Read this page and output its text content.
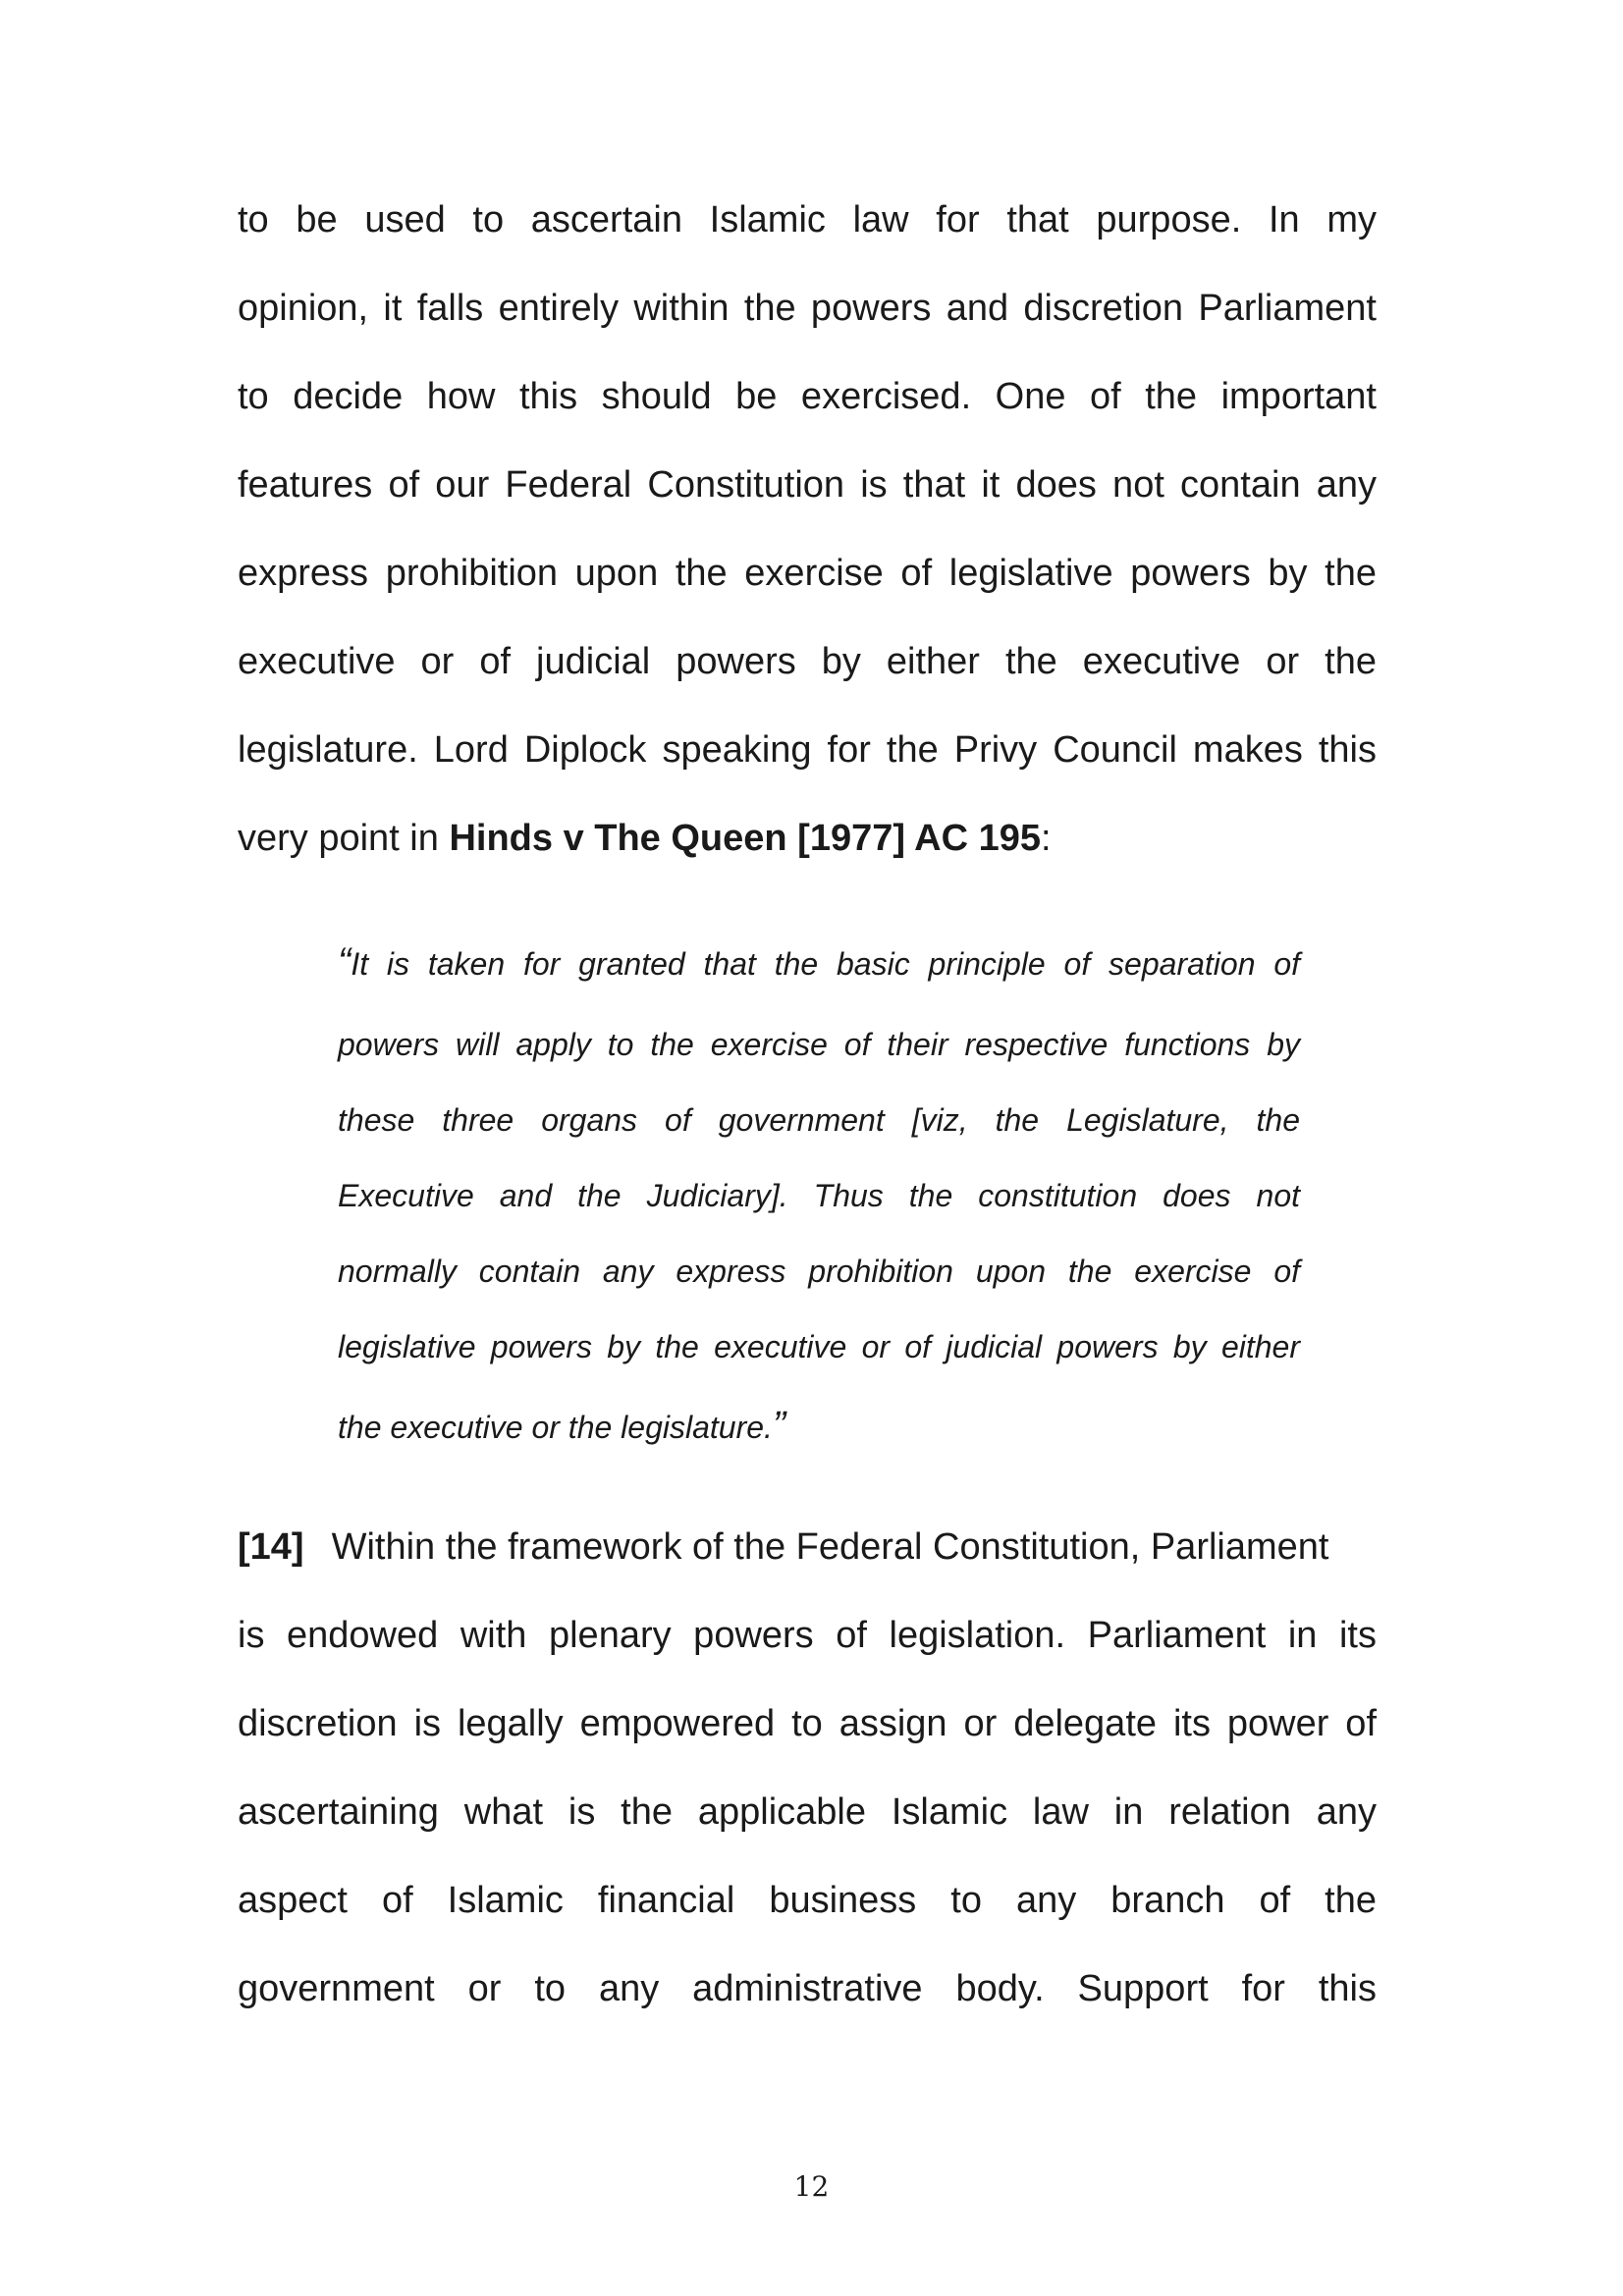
to be used to ascertain Islamic law for that purpose. In my
opinion, it falls entirely within the powers and discretion Parliament
to decide how this should be exercised. One of the important
features of our Federal Constitution is that it does not contain any
express prohibition upon the exercise of legislative powers by the
executive or of judicial powers by either the executive or the
legislature. Lord Diplock speaking for the Privy Council makes this
very point in Hinds v The Queen [1977] AC 195:
“It is taken for granted that the basic principle of separation of
powers will apply to the exercise of their respective functions by
these three organs of government [viz, the Legislature, the
Executive and the Judiciary]. Thus the constitution does not
normally contain any express prohibition upon the exercise of
legislative powers by the executive or of judicial powers by either
the executive or the legislature.”
[14] Within the framework of the Federal Constitution, Parliament
is endowed with plenary powers of legislation. Parliament in its
discretion is legally empowered to assign or delegate its power of
ascertaining what is the applicable Islamic law in relation any
aspect of Islamic financial business to any branch of the
government or to any administrative body. Support for this
12
